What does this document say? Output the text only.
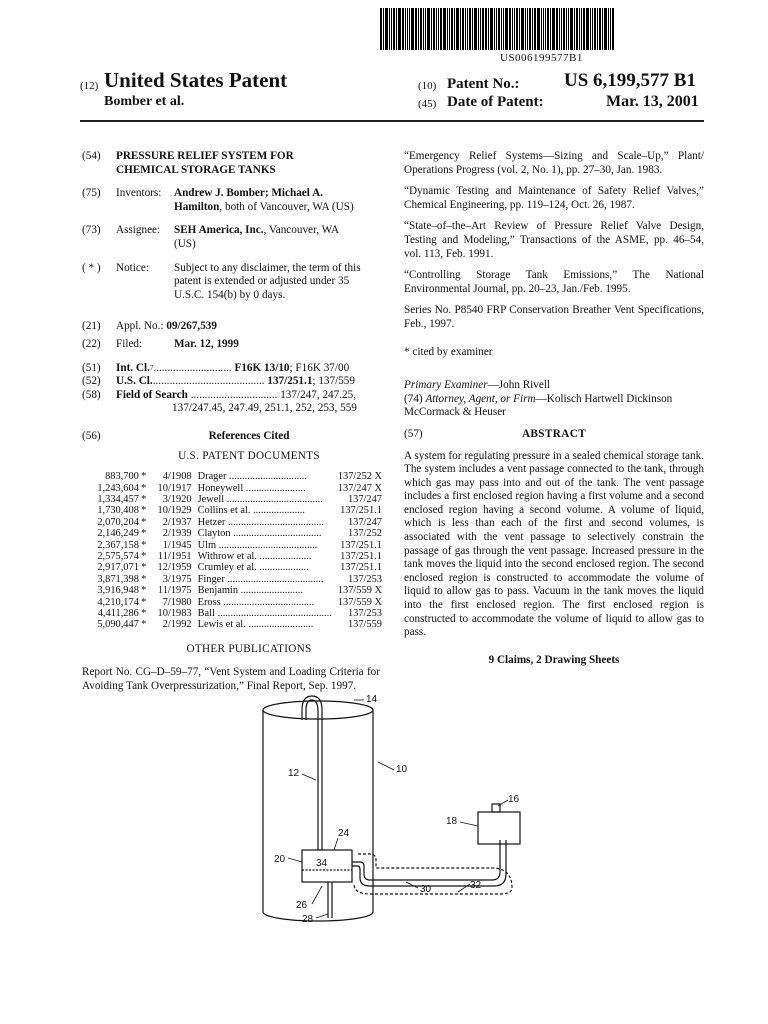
US006199577B1
(12) United States Patent
Bomber et al.
(10) Patent No.: US 6,199,577 B1
(45) Date of Patent:	Mar. 13, 2001
(54)	PRESSURE RELIEF SYSTEM FOR
CHEMICAL STORAGE TANKS
(75)	Inventors:	Andrew J. Bomber; Michael A.
Hamilton, both of Vancouver, WA (US)
(73)	Assignee:	SEH America, Inc., Vancouver, WA
(US)
( * )	Notice:	Subject to any disclaimer, the term of this
patent is extended or adjusted under 35
U.S.C. 154(b) by 0 days.
(21)	Appl. No.:
09/267,539
(22)	Filed:	Mar. 12, 1999
(51)	Int. Cl. 7 ............................
F16K 13/10 ; F16K 37/00
(52)	U.S. Cl. ........................................
137/251.1 ; 137/559
(58)	Field of Search ............................... 137/247, 247.25,
137/247.45, 247.49, 251.1, 252, 253, 559
(56)	References Cited
U.S. PATENT DOCUMENTS
883,700	*	4/1908	Drager ..............................	137/252 X
1,243,604	*	10/1917	Honeywell .......................	137/247 X
1,334,457	*	3/1920	Jewell .....................................	137/247
1,730,408	*	10/1929	Collins et al. ....................	137/251.1
2,070,204	*	2/1937	Hetzer .....................................	137/247
2,146,249	*	2/1939	Clayton ..................................	137/252
2,367,158	*	1/1945	Ulm ......................................	137/251.1
2,575,574	*	11/1951	Withrow et al. ....................	137/251.1
2,917,071	*	12/1959	Crumley et al. ...................	137/251.1
3,871,398	*	3/1975	Finger .....................................	137/253
3,916,948	*	11/1975	Benjamin ........................	137/559 X
4,210,174	*	7/1980	Eross ...................................	137/559 X
4,411,286	*	10/1983	Ball ............................................	137/253
5,090,447	*	2/1992	Lewis et al. .........................	137/559
OTHER PUBLICATIONS
Report No. CG–D–59–77, “Vent System and Loading Criteria for Avoiding Tank Overpressurization,” Final Report, Sep. 1997.
“Emergency Relief Systems—Sizing and Scale–Up,” Plant/ Operations Progress (vol. 2, No. 1), pp. 27–30, Jan. 1983.
“Dynamic Testing and Maintenance of Safety Relief Valves,” Chemical Engineering, pp. 119–124, Oct. 26, 1987.
“State–of–the–Art Review of Pressure Relief Valve Design, Testing and Modeling,” Transactions of the ASME, pp. 46–54, vol. 113, Feb. 1991.
“Controlling Storage Tank Emissions,” The National Environmental Journal, pp. 20–23, Jan./Feb. 1995.
Series No. P8540 FRP Conservation Breather Vent Specifications, Feb., 1997.
* cited by examiner
Primary Examiner—John Rivell
(74) Attorney, Agent, or Firm—Kolisch Hartwell Dickinson McCormack & Heuser
(57)	ABSTRACT
A system for regulating pressure in a sealed chemical storage tank. The system includes a vent passage connected to the tank, through which gas may pass into and out of the tank. The vent passage includes a first enclosed region having a first volume and a second enclosed region having a second volume. A volume of liquid, which is less than each of the first and second volumes, is associated with the vent passage to selectively constrain the passage of gas through the vent passage. Increased pressure in the tank moves the liquid into the second enclosed region. The second enclosed region is constructed to accommodate the volume of liquid to allow gas to pass. Vacuum in the tank moves the liquid into the first enclosed region. The first enclosed region is constructed to accommodate the volume of liquid to allow gas to pass.
9 Claims, 2 Drawing Sheets
14
10
12
16
18
24
20	34
26
28
30	32
